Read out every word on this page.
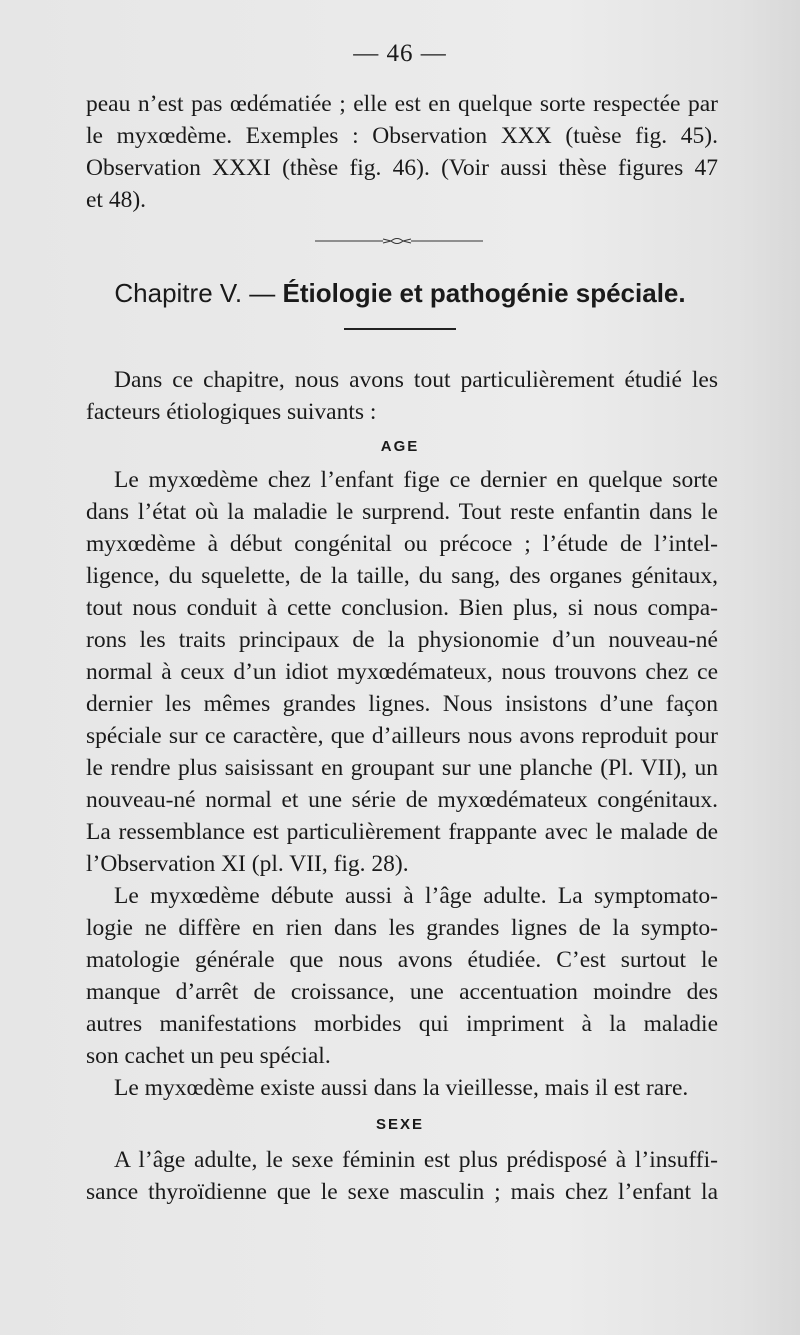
— 46 —
peau n’est pas œdématiée ; elle est en quelque sorte respectée par
le myxœdème. Exemples : Observation XXX (tuèse fig. 45).
Observation XXXI (thèse fig. 46). (Voir aussi thèse figures 47
et 48).
Chapitre V. — Étiologie et pathogénie spéciale.
Dans ce chapitre, nous avons tout particulièrement étudié les
facteurs étiologiques suivants :
AGE
Le myxœdème chez l’enfant fige ce dernier en quelque sorte
dans l’état où la maladie le surprend. Tout reste enfantin dans le
myxœdème à début congénital ou précoce ; l’étude de l’intel-
ligence, du squelette, de la taille, du sang, des organes génitaux,
tout nous conduit à cette conclusion. Bien plus, si nous compa-
rons les traits principaux de la physionomie d’un nouveau-né
normal à ceux d’un idiot myxœdémateux, nous trouvons chez ce
dernier les mêmes grandes lignes. Nous insistons d’une façon
spéciale sur ce caractère, que d’ailleurs nous avons reproduit pour
le rendre plus saisissant en groupant sur une planche (Pl. VII), un
nouveau-né normal et une série de myxœdémateux congénitaux.
La ressemblance est particulièrement frappante avec le malade de
l’Observation XI (pl. VII, fig. 28).
Le myxœdème débute aussi à l’âge adulte. La symptomato-
logie ne diffère en rien dans les grandes lignes de la sympto-
matologie générale que nous avons étudiée. C’est surtout le
manque d’arrêt de croissance, une accentuation moindre des
autres manifestations morbides qui impriment à la maladie
son cachet un peu spécial.
Le myxœdème existe aussi dans la vieillesse, mais il est rare.
SEXE
A l’âge adulte, le sexe féminin est plus prédisposé à l’insuffi-
sance thyroïdienne que le sexe masculin ; mais chez l’enfant la
